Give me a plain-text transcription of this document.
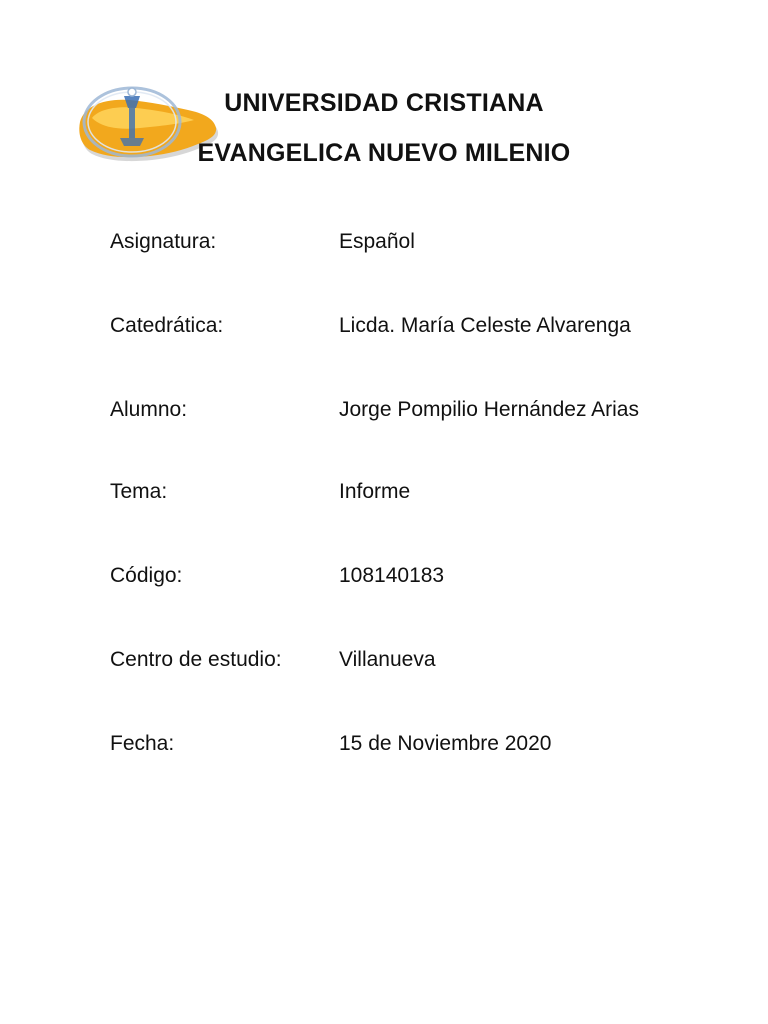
UNIVERSIDAD CRISTIANA
EVANGELICA NUEVO MILENIO
Asignatura:	Español
Catedrática:	Licda. María Celeste Alvarenga
Alumno:	Jorge Pompilio Hernández Arias
Tema:	Informe
Código:	108140183
Centro de estudio:	Villanueva
Fecha:	15 de Noviembre 2020
